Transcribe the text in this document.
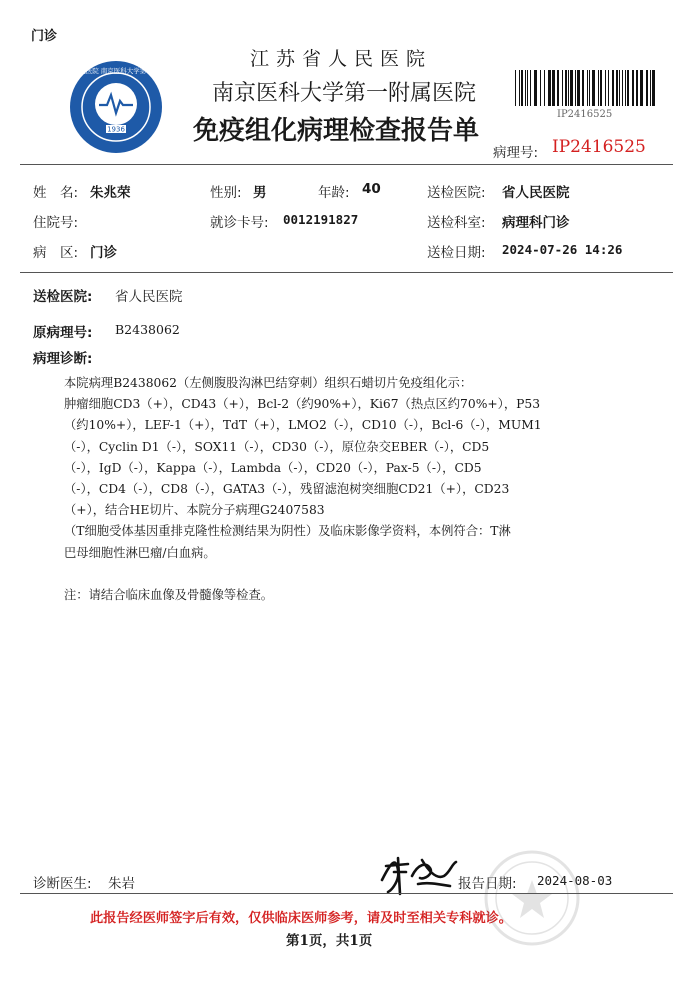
门诊
江苏省人民医院
南京医科大学第一附属医院
免疫组化病理检查报告单
1936
江苏省人民医院 南京医科大学第一附属医院
IP2416525
病理号: IP2416525
姓　名: 朱兆荣	性别: 男	年龄: 40	送检医院: 省人民医院
住院号:	就诊卡号: 0012191827	送检科室: 病理科门诊
病　区: 门诊	送检日期: 2024-07-26 14:26
送检医院: 省人民医院
原病理号: B2438062
病理诊断:
本院病理B2438062（左侧腹股沟淋巴结穿刺）组织石蜡切片免疫组化示：
肿瘤细胞CD3（+），CD43（+），Bcl-2（约90%+），Ki67（热点区约70%+），P53
（约10%+），LEF-1（+），TdT（+），LMO2（-），CD10（-），Bcl-6（-），MUM1
（-），Cyclin D1（-），SOX11（-），CD30（-），原位杂交EBER（-），CD5
（-），IgD（-），Kappa（-），Lambda（-），CD20（-），Pax-5（-），CD5
（-），CD4（-），CD8（-），GATA3（-），残留滤泡树突细胞CD21（+），CD23
（+），结合HE切片、本院分子病理G2407583
（T细胞受体基因重排克隆性检测结果为阴性）及临床影像学资料，本例符合：T淋
巴母细胞性淋巴瘤/白血病。
注：请结合临床血像及骨髓像等检查。
诊断医生: 朱岩	报告日期: 2024-08-03
此报告经医师签字后有效，仅供临床医师参考，请及时至相关专科就诊。
第1页，共1页
